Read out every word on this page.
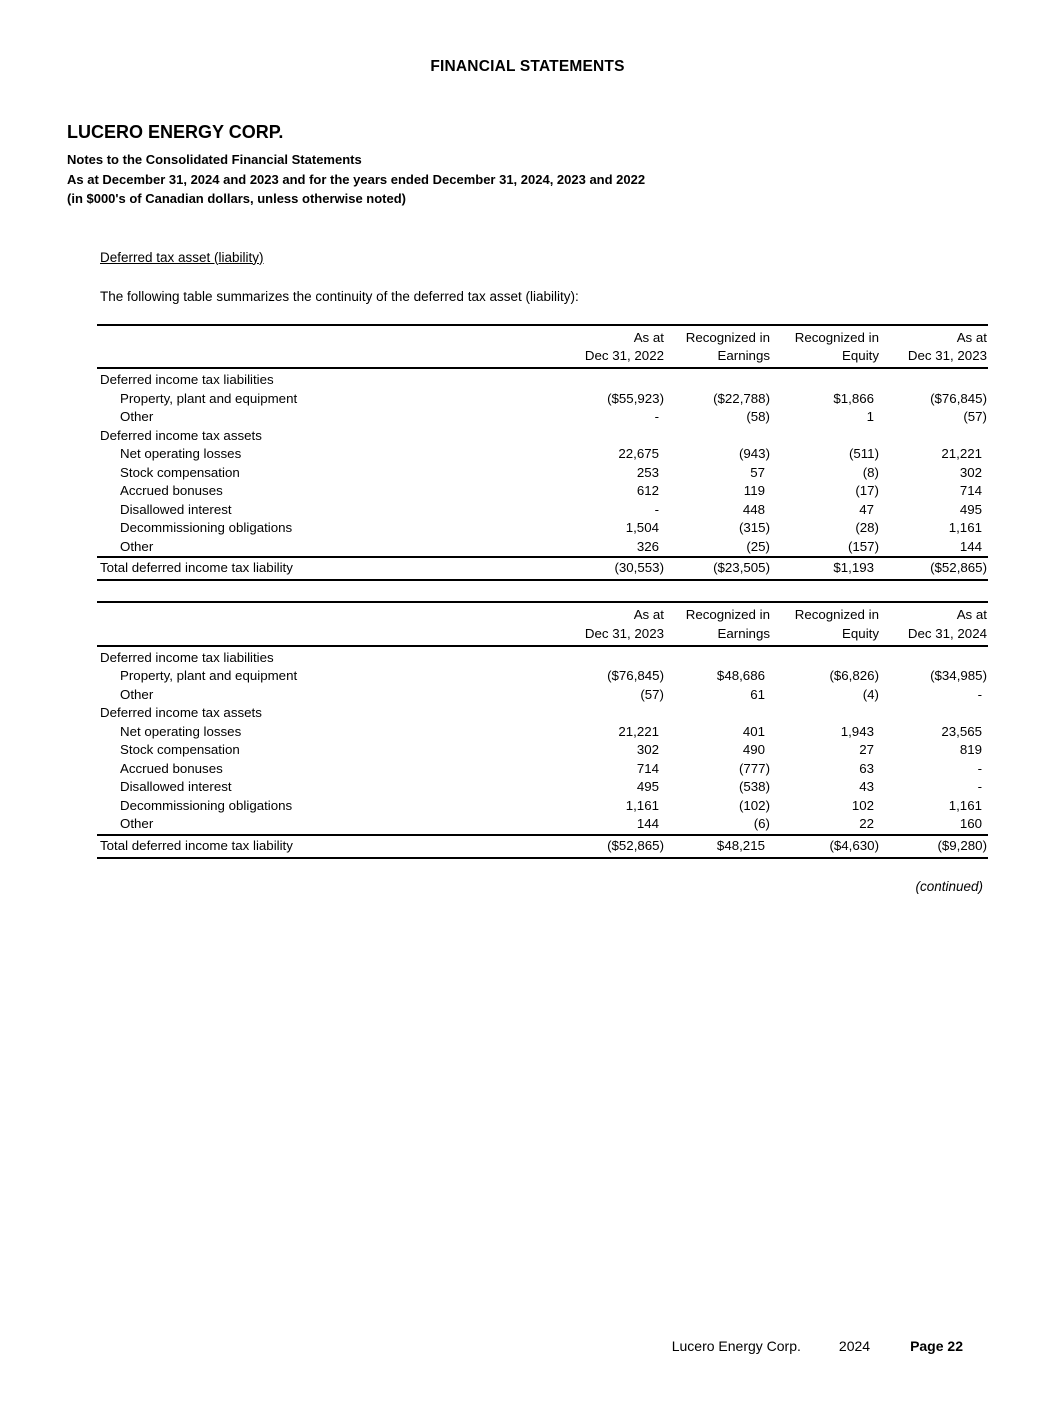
FINANCIAL STATEMENTS
LUCERO ENERGY CORP.
Notes to the Consolidated Financial Statements
As at December 31, 2024 and 2023 and for the years ended December 31, 2024, 2023 and 2022
(in $000's of Canadian dollars, unless otherwise noted)
Deferred tax asset (liability)

The following table summarizes the continuity of the deferred tax asset (liability):

	As at	Recognized in	Recognized in	As at
	Dec 31, 2022	Earnings	Equity	Dec 31, 2023
Deferred income tax liabilities				
Property, plant and equipment	($55,923)	($22,788)	$1,866	($76,845)
Other	-	(58)	1	(57)
Deferred income tax assets				
Net operating losses	22,675	(943)	(511)	21,221
Stock compensation	253	57	(8)	302
Accrued bonuses	612	119	(17)	714
Disallowed interest	-	448	47	495
Decommissioning obligations	1,504	(315)	(28)	1,161
Other	326	(25)	(157)	144
Total deferred income tax liability	(30,553)	($23,505)	$1,193	($52,865)
	As at	Recognized in	Recognized in	As at
	Dec 31, 2023	Earnings	Equity	Dec 31, 2024
Deferred income tax liabilities				
Property, plant and equipment	($76,845)	$48,686	($6,826)	($34,985)
Other	(57)	61	(4)	-
Deferred income tax assets				
Net operating losses	21,221	401	1,943	23,565
Stock compensation	302	490	27	819
Accrued bonuses	714	(777)	63	-
Disallowed interest	495	(538)	43	-
Decommissioning obligations	1,161	(102)	102	1,161
Other	144	(6)	22	160
Total deferred income tax liability	($52,865)	$48,215	($4,630)	($9,280)
(continued)
Lucero Energy Corp.	2024	Page 22
